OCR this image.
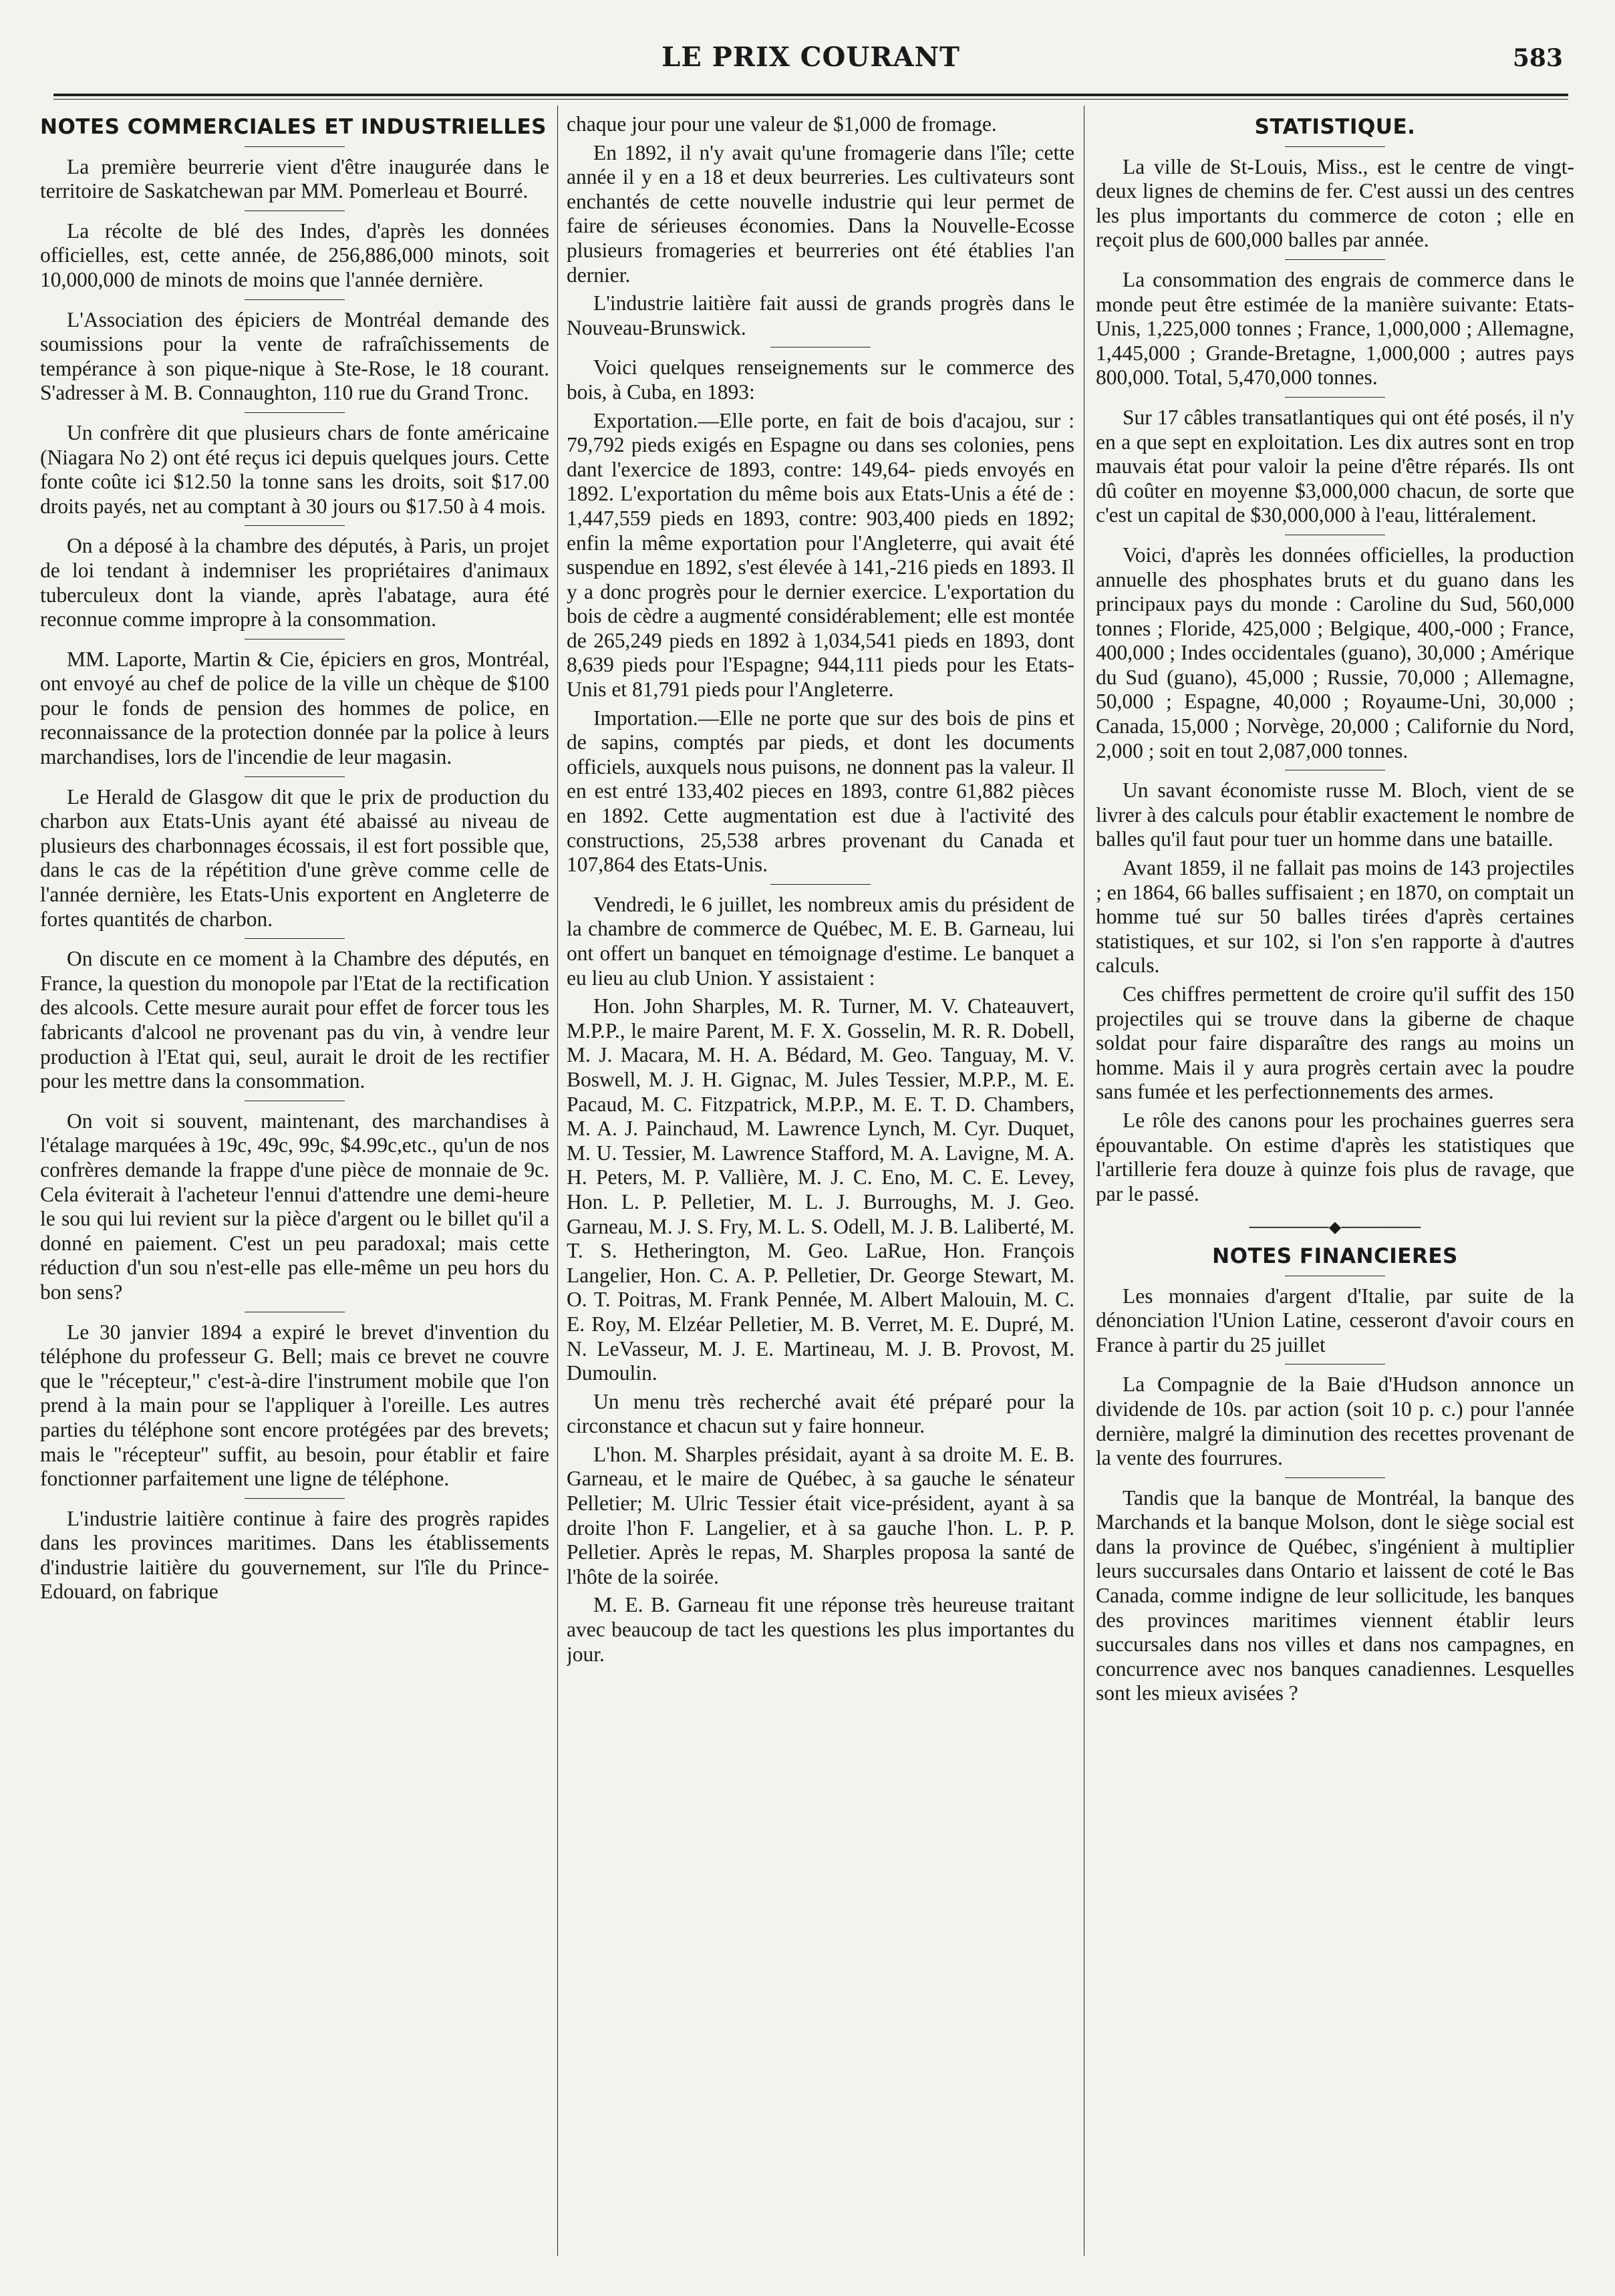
LE PRIX COURANT	583
NOTES COMMERCIALES ET INDUSTRIELLES

La première beurrerie vient d'être inaugurée dans le territoire de Saskatchewan par MM. Pomerleau et Bourré.

La récolte de blé des Indes, d'après les données officielles, est, cette année, de 256,886,000 minots, soit 10,000,000 de minots de moins que l'année dernière.

L'Association des épiciers de Montréal demande des soumissions pour la vente de rafraîchissements de tempérance à son pique-nique à Ste-Rose, le 18 courant. S'adresser à M. B. Connaughton, 110 rue du Grand Tronc.

Un confrère dit que plusieurs chars de fonte américaine (Niagara No 2) ont été reçus ici depuis quelques jours. Cette fonte coûte ici $12.50 la tonne sans les droits, soit $17.00 droits payés, net au comptant à 30 jours ou $17.50 à 4 mois.

On a déposé à la chambre des députés, à Paris, un projet de loi tendant à indemniser les propriétaires d'animaux tuberculeux dont la viande, après l'abatage, aura été reconnue comme impropre à la consommation.

MM. Laporte, Martin & Cie, épiciers en gros, Montréal, ont envoyé au chef de police de la ville un chèque de $100 pour le fonds de pension des hommes de police, en reconnaissance de la protection donnée par la police à leurs marchandises, lors de l'incendie de leur magasin.

Le Herald de Glasgow dit que le prix de production du charbon aux Etats-Unis ayant été abaissé au niveau de plusieurs des charbonnages écossais, il est fort possible que, dans le cas de la répétition d'une grève comme celle de l'année dernière, les Etats-Unis exportent en Angleterre de fortes quantités de charbon.

On discute en ce moment à la Chambre des députés, en France, la question du monopole par l'Etat de la rectification des alcools. Cette mesure aurait pour effet de forcer tous les fabricants d'alcool ne provenant pas du vin, à vendre leur production à l'Etat qui, seul, aurait le droit de les rectifier pour les mettre dans la consommation.

On voit si souvent, maintenant, des marchandises à l'étalage marquées à 19c, 49c, 99c, $4.99c,etc., qu'un de nos confrères demande la frappe d'une pièce de monnaie de 9c. Cela éviterait à l'acheteur l'ennui d'attendre une demi-heure le sou qui lui revient sur la pièce d'argent ou le billet qu'il a donné en paiement. C'est un peu paradoxal; mais cette réduction d'un sou n'est-elle pas elle-même un peu hors du bon sens?

Le 30 janvier 1894 a expiré le brevet d'invention du téléphone du professeur G. Bell; mais ce brevet ne couvre que le "récepteur," c'est-à-dire l'instrument mobile que l'on prend à la main pour se l'appliquer à l'oreille. Les autres parties du téléphone sont encore protégées par des brevets; mais le "récepteur" suffit, au besoin, pour établir et faire fonctionner parfaitement une ligne de téléphone.

L'industrie laitière continue à faire des progrès rapides dans les provinces maritimes. Dans les établissements d'industrie laitière du gouvernement, sur l'île du Prince-Edouard, on fabrique

chaque jour pour une valeur de $1,000 de fromage.

En 1892, il n'y avait qu'une fromagerie dans l'île; cette année il y en a 18 et deux beurreries. Les cultivateurs sont enchantés de cette nouvelle industrie qui leur permet de faire de sérieuses économies. Dans la Nouvelle-Ecosse plusieurs fromageries et beurreries ont été établies l'an dernier.

L'industrie laitière fait aussi de grands progrès dans le Nouveau-Brunswick.

Voici quelques renseignements sur le commerce des bois, à Cuba, en 1893:

Exportation.—Elle porte, en fait de bois d'acajou, sur : 79,792 pieds exigés en Espagne ou dans ses colonies, pens dant l'exercice de 1893, contre: 149,64- pieds envoyés en 1892. L'exportation du même bois aux Etats-Unis a été de : 1,447,559 pieds en 1893, contre: 903,400 pieds en 1892; enfin la même exportation pour l'Angleterre, qui avait été suspendue en 1892, s'est élevée à 141,-216 pieds en 1893. Il y a donc progrès pour le dernier exercice. L'exportation du bois de cèdre a augmenté considérablement; elle est montée de 265,249 pieds en 1892 à 1,034,541 pieds en 1893, dont 8,639 pieds pour l'Espagne; 944,111 pieds pour les Etats-Unis et 81,791 pieds pour l'Angleterre.

Importation.—Elle ne porte que sur des bois de pins et de sapins, comptés par pieds, et dont les documents officiels, auxquels nous puisons, ne donnent pas la valeur. Il en est entré 133,402 pieces en 1893, contre 61,882 pièces en 1892. Cette augmentation est due à l'activité des constructions, 25,538 arbres provenant du Canada et 107,864 des Etats-Unis.

Vendredi, le 6 juillet, les nombreux amis du président de la chambre de commerce de Québec, M. E. B. Garneau, lui ont offert un banquet en témoignage d'estime. Le banquet a eu lieu au club Union. Y assistaient :

Hon. John Sharples, M. R. Turner, M. V. Chateauvert, M.P.P., le maire Parent, M. F. X. Gosselin, M. R. R. Dobell, M. J. Macara, M. H. A. Bédard, M. Geo. Tanguay, M. V. Boswell, M. J. H. Gignac, M. Jules Tessier, M.P.P., M. E. Pacaud, M. C. Fitzpatrick, M.P.P., M. E. T. D. Chambers, M. A. J. Painchaud, M. Lawrence Lynch, M. Cyr. Duquet, M. U. Tessier, M. Lawrence Stafford, M. A. Lavigne, M. A. H. Peters, M. P. Vallière, M. J. C. Eno, M. C. E. Levey, Hon. L. P. Pelletier, M. L. J. Burroughs, M. J. Geo. Garneau, M. J. S. Fry, M. L. S. Odell, M. J. B. Laliberté, M. T. S. Hetherington, M. Geo. LaRue, Hon. François Langelier, Hon. C. A. P. Pelletier, Dr. George Stewart, M. O. T. Poitras, M. Frank Pennée, M. Albert Malouin, M. C. E. Roy, M. Elzéar Pelletier, M. B. Verret, M. E. Dupré, M. N. LeVasseur, M. J. E. Martineau, M. J. B. Provost, M. Dumoulin.

Un menu très recherché avait été préparé pour la circonstance et chacun sut y faire honneur.

L'hon. M. Sharples présidait, ayant à sa droite M. E. B. Garneau, et le maire de Québec, à sa gauche le sénateur Pelletier; M. Ulric Tessier était vice-président, ayant à sa droite l'hon F. Langelier, et à sa gauche l'hon. L. P. P. Pelletier. Après le repas, M. Sharples proposa la santé de l'hôte de la soirée.

M. E. B. Garneau fit une réponse très heureuse traitant avec beaucoup de tact les questions les plus importantes du jour.

STATISTIQUE.

La ville de St-Louis, Miss., est le centre de vingt-deux lignes de chemins de fer. C'est aussi un des centres les plus importants du commerce de coton ; elle en reçoit plus de 600,000 balles par année.

La consommation des engrais de commerce dans le monde peut être estimée de la manière suivante: Etats-Unis, 1,225,000 tonnes ; France, 1,000,000 ; Allemagne, 1,445,000 ; Grande-Bretagne, 1,000,000 ; autres pays 800,000. Total, 5,470,000 tonnes.

Sur 17 câbles transatlantiques qui ont été posés, il n'y en a que sept en exploitation. Les dix autres sont en trop mauvais état pour valoir la peine d'être réparés. Ils ont dû coûter en moyenne $3,000,000 chacun, de sorte que c'est un capital de $30,000,000 à l'eau, littéralement.

Voici, d'après les données officielles, la production annuelle des phosphates bruts et du guano dans les principaux pays du monde : Caroline du Sud, 560,000 tonnes ; Floride, 425,000 ; Belgique, 400,-000 ; France, 400,000 ; Indes occidentales (guano), 30,000 ; Amérique du Sud (guano), 45,000 ; Russie, 70,000 ; Allemagne, 50,000 ; Espagne, 40,000 ; Royaume-Uni, 30,000 ; Canada, 15,000 ; Norvège, 20,000 ; Californie du Nord, 2,000 ; soit en tout 2,087,000 tonnes.

Un savant économiste russe M. Bloch, vient de se livrer à des calculs pour établir exactement le nombre de balles qu'il faut pour tuer un homme dans une bataille.

Avant 1859, il ne fallait pas moins de 143 projectiles ; en 1864, 66 balles suffisaient ; en 1870, on comptait un homme tué sur 50 balles tirées d'après certaines statistiques, et sur 102, si l'on s'en rapporte à d'autres calculs.

Ces chiffres permettent de croire qu'il suffit des 150 projectiles qui se trouve dans la giberne de chaque soldat pour faire disparaître des rangs au moins un homme. Mais il y aura progrès certain avec la poudre sans fumée et les perfectionnements des armes.

Le rôle des canons pour les prochaines guerres sera épouvantable. On estime d'après les statistiques que l'artillerie fera douze à quinze fois plus de ravage, que par le passé.

───────◆───────
NOTES FINANCIERES

Les monnaies d'argent d'Italie, par suite de la dénonciation l'Union Latine, cesseront d'avoir cours en France à partir du 25 juillet

La Compagnie de la Baie d'Hudson annonce un dividende de 10s. par action (soit 10 p. c.) pour l'année dernière, malgré la diminution des recettes provenant de la vente des fourrures.

Tandis que la banque de Montréal, la banque des Marchands et la banque Molson, dont le siège social est dans la province de Québec, s'ingénient à multiplier leurs succursales dans Ontario et laissent de coté le Bas Canada, comme indigne de leur sollicitude, les banques des provinces maritimes viennent établir leurs succursales dans nos villes et dans nos campagnes, en concurrence avec nos banques canadiennes. Lesquelles sont les mieux avisées ?
